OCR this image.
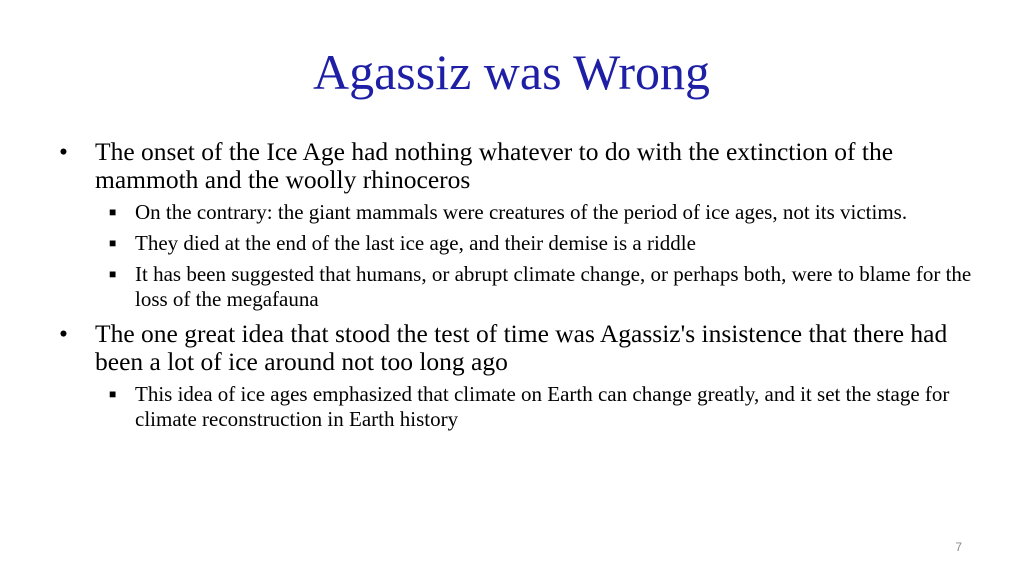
Agassiz was Wrong
• The onset of the Ice Age had nothing whatever to do with the extinction of the mammoth and the woolly rhinoceros
■ On the contrary: the giant mammals were creatures of the period of ice ages, not its victims.
■ They died at the end of the last ice age, and their demise is a riddle
■ It has been suggested that humans, or abrupt climate change, or perhaps both, were to blame for the loss of the megafauna
• The one great idea that stood the test of time was Agassiz's insistence that there had been a lot of ice around not too long ago
■ This idea of ice ages emphasized that climate on Earth can change greatly, and it set the stage for climate reconstruction in Earth history
7
